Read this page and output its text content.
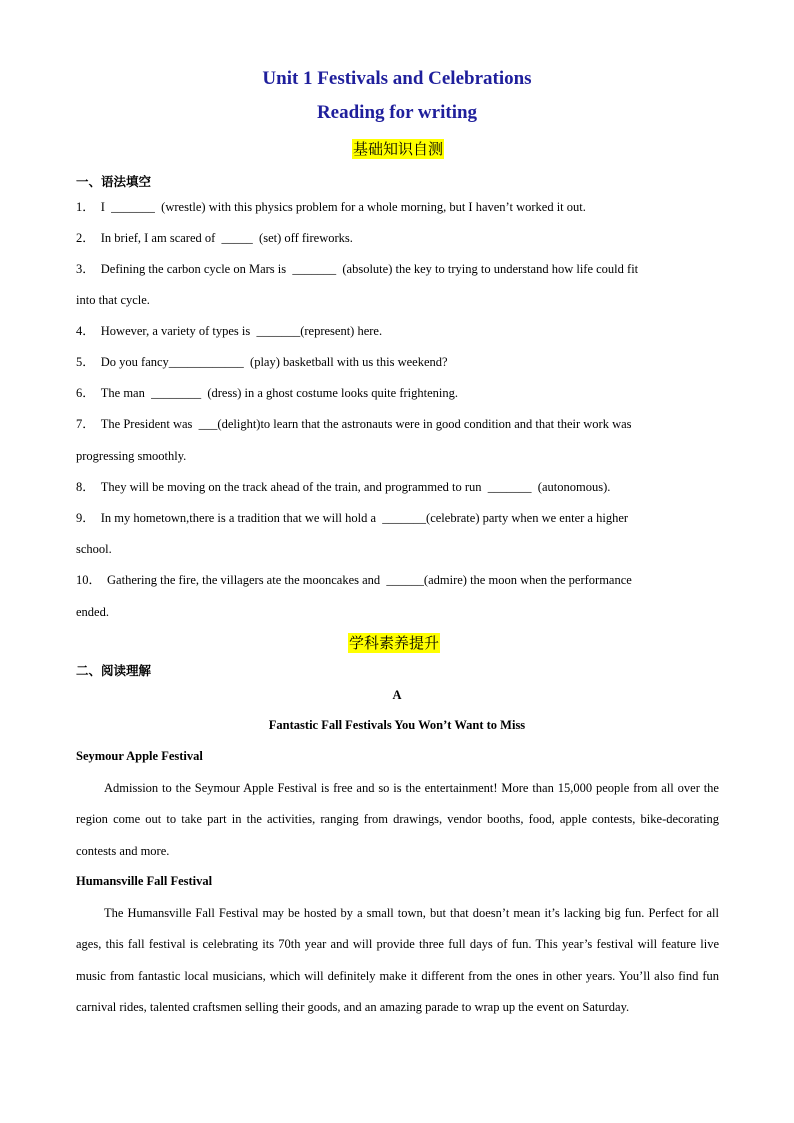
Unit 1 Festivals and Celebrations
Reading for writing
基础知识自测
一、语法填空
1． I  _______  (wrestle) with this physics problem for a whole morning, but I haven’t worked it out.
2． In brief, I am scared of  _____  (set) off fireworks.
3． Defining the carbon cycle on Mars is  _______  (absolute) the key to trying to understand how life could fit
into that cycle.
4． However, a variety of types is  _______(represent) here.
5． Do you fancy____________  (play) basketball with us this weekend?
6． The man  ________  (dress) in a ghost costume looks quite frightening.
7． The President was  ___(delight)to learn that the astronauts were in good condition and that their work was
progressing smoothly.
8． They will be moving on the track ahead of the train, and programmed to run  _______  (autonomous).
9． In my hometown,there is a tradition that we will hold a  _______(celebrate) party when we enter a higher
school.
10． Gathering the fire, the villagers ate the mooncakes and  ______(admire) the moon when the performance
ended.
学科素养提升
二、阅读理解
A
Fantastic Fall Festivals You Won’t Want to Miss
Seymour Apple Festival

Admission to the Seymour Apple Festival is free and so is the entertainment! More than 15,000 people from all over the region come out to take part in the activities, ranging from drawings, vendor booths, food, apple contests, bike-decorating contests and more.

Humansville Fall Festival

The Humansville Fall Festival may be hosted by a small town, but that doesn’t mean it’s lacking big fun. Perfect for all ages, this fall festival is celebrating its 70th year and will provide three full days of fun. This year’s festival will feature live music from fantastic local musicians, which will definitely make it different from the ones in other years. You’ll also find fun carnival rides, talented craftsmen selling their goods, and an amazing parade to wrap up the event on Saturday.
